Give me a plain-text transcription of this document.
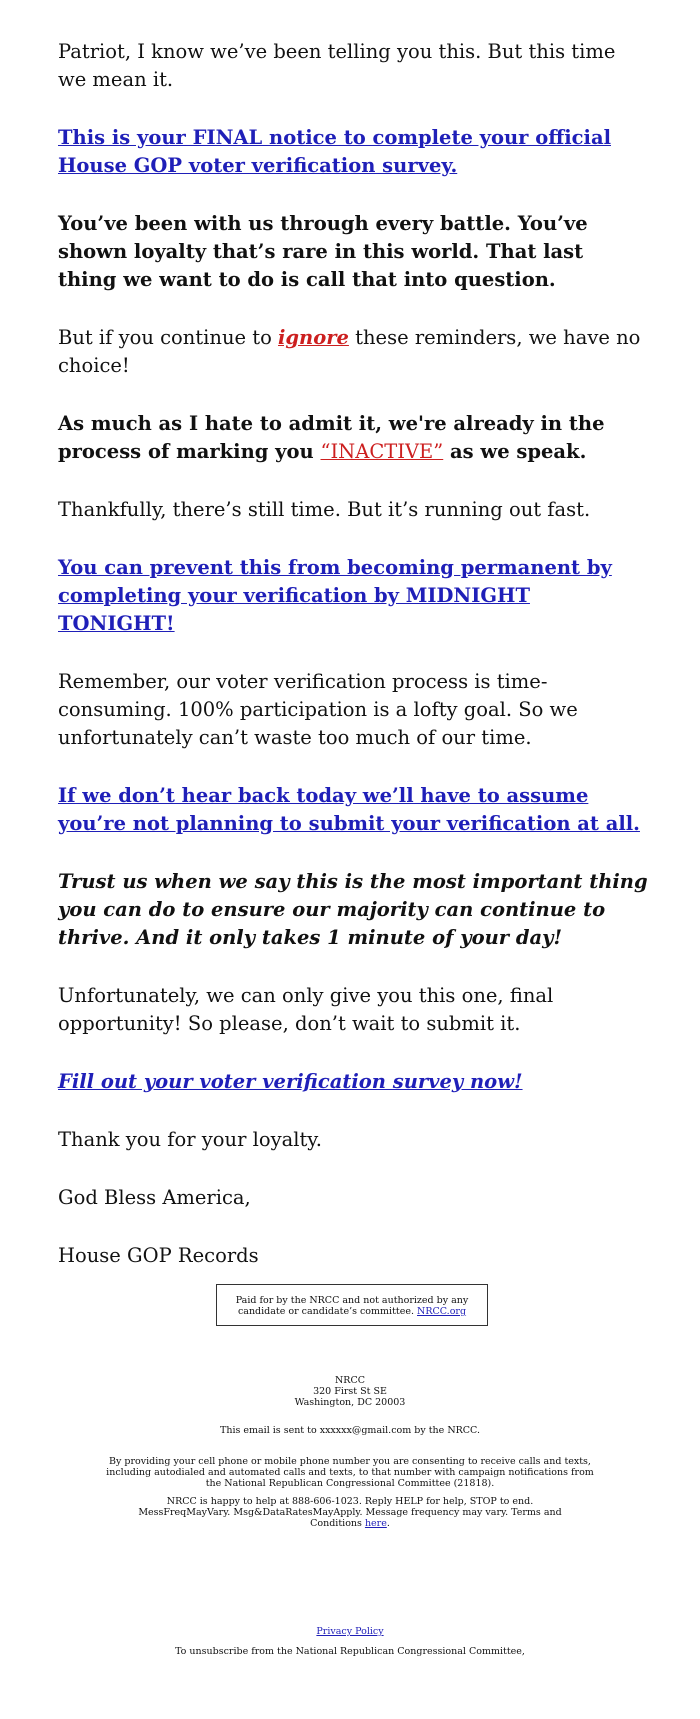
Patriot, I know we’ve been telling you this. But this time we mean it.

This is your FINAL notice to complete your official House GOP voter verification survey.

You’ve been with us through every battle. You’ve shown loyalty that’s rare in this world. That last thing we want to do is call that into question.

But if you continue to ignore these reminders, we have no choice!

As much as I hate to admit it, we're already in the process of marking you “INACTIVE” as we speak.

Thankfully, there’s still time. But it’s running out fast.

You can prevent this from becoming permanent by completing your verification by MIDNIGHT TONIGHT!

Remember, our voter verification process is time-consuming. 100% participation is a lofty goal. So we unfortunately can’t waste too much of our time.

If we don’t hear back today we’ll have to assume you’re not planning to submit your verification at all.

Trust us when we say this is the most important thing you can do to ensure our majority can continue to thrive. And it only takes 1 minute of your day!

Unfortunately, we can only give you this one, final opportunity! So please, don’t wait to submit it.

Fill out your voter verification survey now!

Thank you for your loyalty.

God Bless America,

House GOP Records

Paid for by the NRCC and not authorized by any candidate or candidate’s committee. NRCC.org
NRCC
320 First St SE
Washington, DC 20003
This email is sent to xxxxxx@gmail.com by the NRCC.
By providing your cell phone or mobile phone number you are consenting to receive calls and texts, including autodialed and automated calls and texts, to that number with campaign notifications from the National Republican Congressional Committee (21818).
NRCC is happy to help at 888-606-1023. Reply HELP for help, STOP to end. MessFreqMayVary. Msg&DataRatesMayApply. Message frequency may vary. Terms and Conditions here.
Privacy Policy
To unsubscribe from the National Republican Congressional Committee,
